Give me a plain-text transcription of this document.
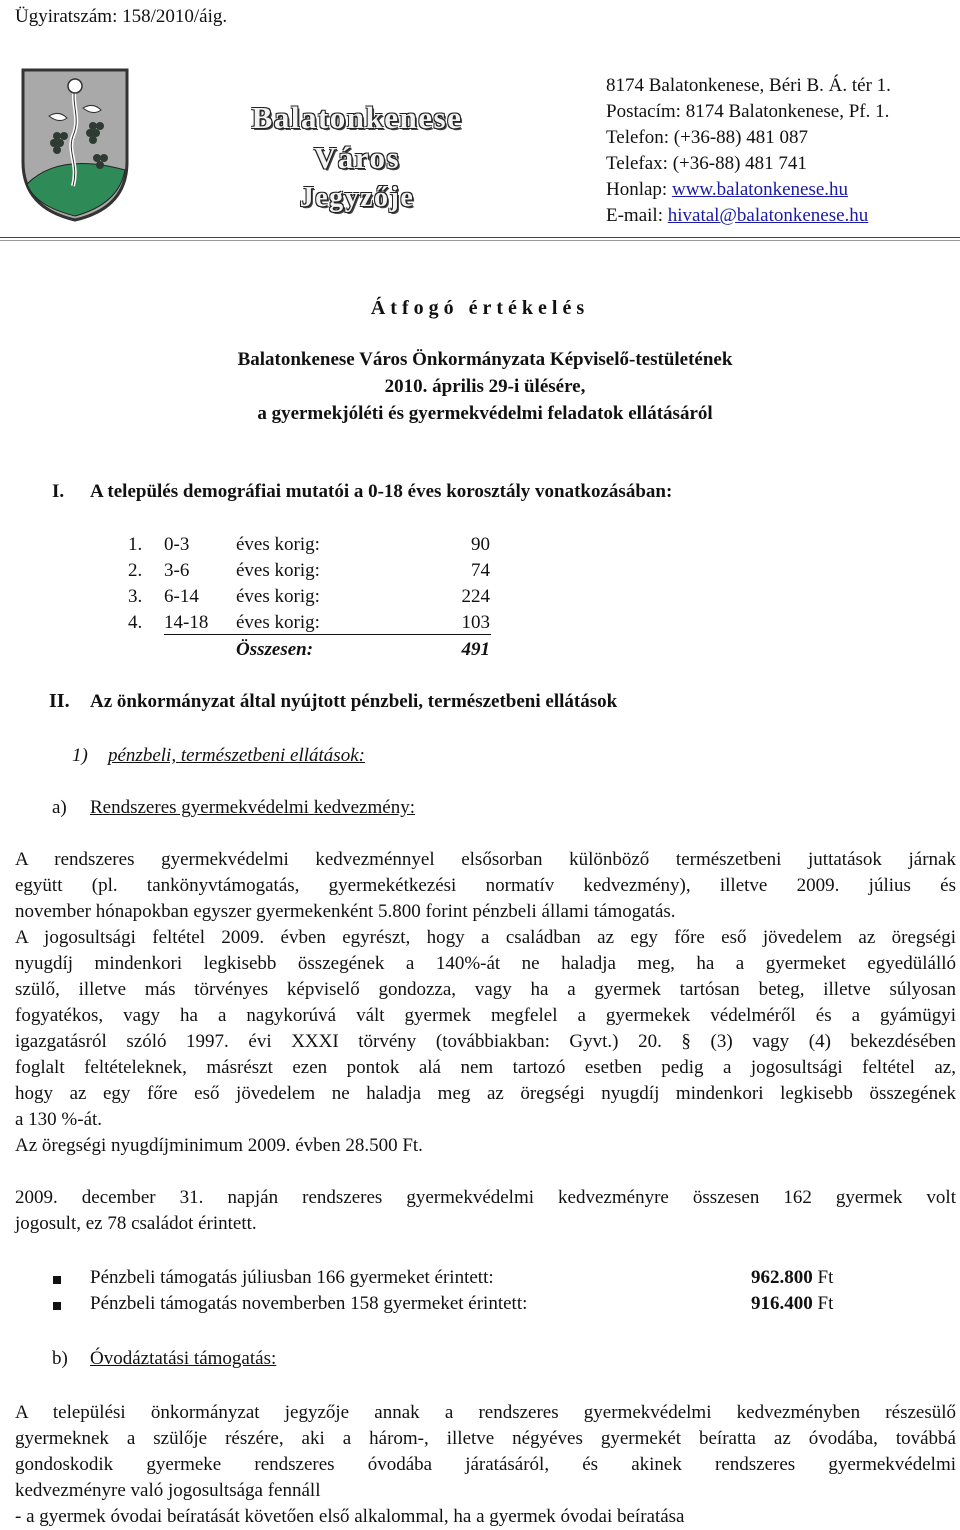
Ügyiratszám: 158/2010/áig.
Balatonkenese
Város
Jegyzője
8174 Balatonkenese, Béri B. Á. tér 1.
Postacím: 8174 Balatonkenese, Pf. 1.
Telefon: (+36-88) 481 087
Telefax: (+36-88) 481 741
Honlap: www.balatonkenese.hu
E-mail: hivatal@balatonkenese.hu
Átfogó értékelés
Balatonkenese Város Önkormányzata Képviselő-testületének
2010. április 29-i ülésére,
a gyermekjóléti és gyermekvédelmi feladatok ellátásáról
I. A település demográfiai mutatói a 0-18 éves korosztály vonatkozásában:
1. 0-3 éves korig:	90
2. 3-6 éves korig:	74
3. 6-14 éves korig:	224
4. 14-18 éves korig:	103
Összesen:	491
II. Az önkormányzat által nyújtott pénzbeli, természetbeni ellátások
1) pénzbeli, természetbeni ellátások:
a) Rendszeres gyermekvédelmi kedvezmény:
A rendszeres gyermekvédelmi kedvezménnyel elsősorban különböző természetbeni juttatások járnak
együtt (pl. tankönyvtámogatás, gyermekétkezési normatív kedvezmény), illetve 2009. július és
november hónapokban egyszer gyermekenként 5.800 forint pénzbeli állami támogatás.
A jogosultsági feltétel 2009. évben egyrészt, hogy a családban az egy főre eső jövedelem az öregségi
nyugdíj mindenkori legkisebb összegének a 140%-át ne haladja meg, ha a gyermeket egyedülálló
szülő, illetve más törvényes képviselő gondozza, vagy ha a gyermek tartósan beteg, illetve súlyosan
fogyatékos, vagy ha a nagykorúvá vált gyermek megfelel a gyermekek védelméről és a gyámügyi
igazgatásról szóló 1997. évi XXXI törvény (továbbiakban: Gyvt.) 20. § (3) vagy (4) bekezdésében
foglalt feltételeknek, másrészt ezen pontok alá nem tartozó esetben pedig a jogosultsági feltétel az,
hogy az egy főre eső jövedelem ne haladja meg az öregségi nyugdíj mindenkori legkisebb összegének
a 130 %-át.
Az öregségi nyugdíjminimum 2009. évben 28.500 Ft.
2009. december 31. napján rendszeres gyermekvédelmi kedvezményre összesen 162 gyermek volt
jogosult, ez 78 családot érintett.
Pénzbeli támogatás júliusban 166 gyermeket érintett:	962.800 Ft
Pénzbeli támogatás novemberben 158 gyermeket érintett:	916.400 Ft
b) Óvodáztatási támogatás:
A települési önkormányzat jegyzője annak a rendszeres gyermekvédelmi kedvezményben részesülő
gyermeknek a szülője részére, aki a három-, illetve négyéves gyermekét beíratta az óvodába, továbbá
gondoskodik gyermeke rendszeres óvodába járatásáról, és akinek rendszeres gyermekvédelmi
kedvezményre való jogosultsága fennáll
- a gyermek óvodai beíratását követően első alkalommal, ha a gyermek óvodai beíratása
